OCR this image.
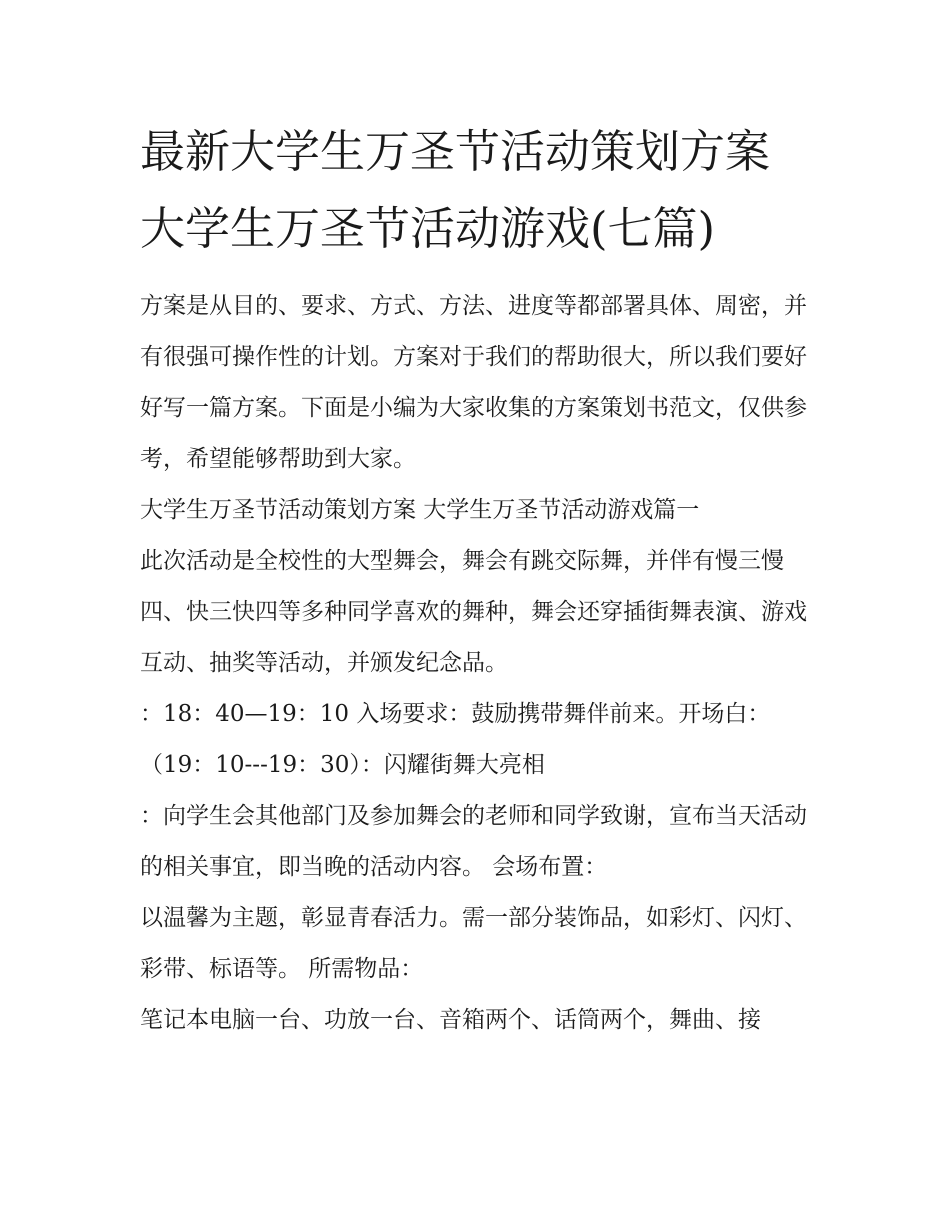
最新大学生万圣节活动策划方案 大学生万圣节活动游戏(七篇)

方案是从目的、要求、方式、方法、进度等都部署具体、周密，并有很强可操作性的计划。方案对于我们的帮助很大，所以我们要好好写一篇方案。下面是小编为大家收集的方案策划书范文，仅供参考，希望能够帮助到大家。

大学生万圣节活动策划方案 大学生万圣节活动游戏篇一

此次活动是全校性的大型舞会，舞会有跳交际舞，并伴有慢三慢四、快三快四等多种同学喜欢的舞种，舞会还穿插街舞表演、游戏互动、抽奖等活动，并颁发纪念品。

：18：40—19：10 入场要求：鼓励携带舞伴前来。开场白：

（19：10---19：30）：闪耀街舞大亮相

：向学生会其他部门及参加舞会的老师和同学致谢，宣布当天活动的相关事宜，即当晚的活动内容。 会场布置：

以温馨为主题，彰显青春活力。需一部分装饰品，如彩灯、闪灯、彩带、标语等。 所需物品：

笔记本电脑一台、功放一台、音箱两个、话筒两个，舞曲、接
